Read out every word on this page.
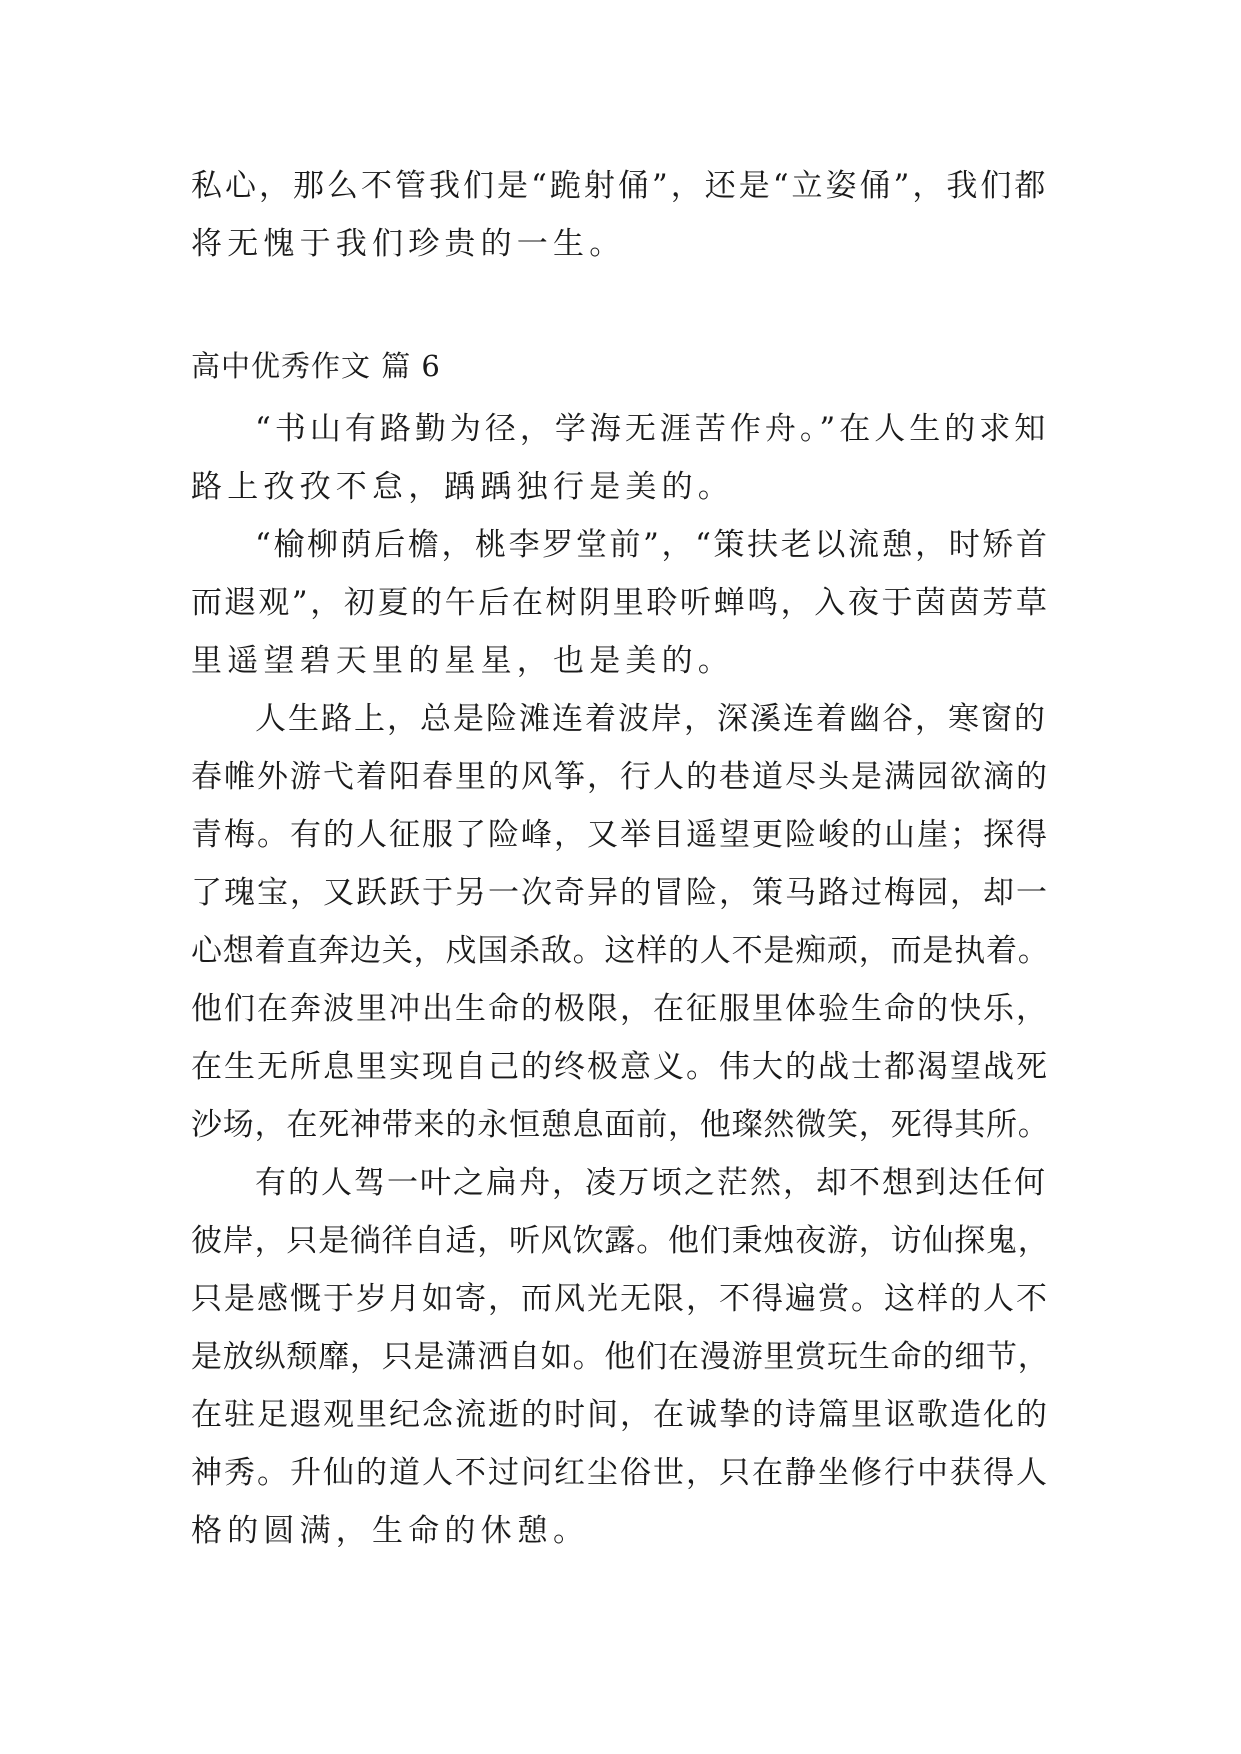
私心，那么不管我们是“跪射俑”，还是“立姿俑”，我们都
将无愧于我们珍贵的一生。
高中优秀作文 篇 6
“书山有路勤为径，学海无涯苦作舟。”在人生的求知
路上孜孜不怠，踽踽独行是美的。
“榆柳荫后檐，桃李罗堂前”，“策扶老以流憩，时矫首
而遐观”，初夏的午后在树阴里聆听蝉鸣，入夜于茵茵芳草
里遥望碧天里的星星，也是美的。
人生路上，总是险滩连着波岸，深溪连着幽谷，寒窗的
春帷外游弋着阳春里的风筝，行人的巷道尽头是满园欲滴的
青梅。有的人征服了险峰，又举目遥望更险峻的山崖；探得
了瑰宝，又跃跃于另一次奇异的冒险，策马路过梅园，却一
心想着直奔边关，戍国杀敌。这样的人不是痴顽，而是执着。
他们在奔波里冲出生命的极限，在征服里体验生命的快乐，
在生无所息里实现自己的终极意义。伟大的战士都渴望战死
沙场，在死神带来的永恒憩息面前，他璨然微笑，死得其所。
有的人驾一叶之扁舟，凌万顷之茫然，却不想到达任何
彼岸，只是徜徉自适，听风饮露。他们秉烛夜游，访仙探鬼，
只是感慨于岁月如寄，而风光无限，不得遍赏。这样的人不
是放纵颓靡，只是潇洒自如。他们在漫游里赏玩生命的细节，
在驻足遐观里纪念流逝的时间，在诚挚的诗篇里讴歌造化的
神秀。升仙的道人不过问红尘俗世，只在静坐修行中获得人
格的圆满，生命的休憩。
